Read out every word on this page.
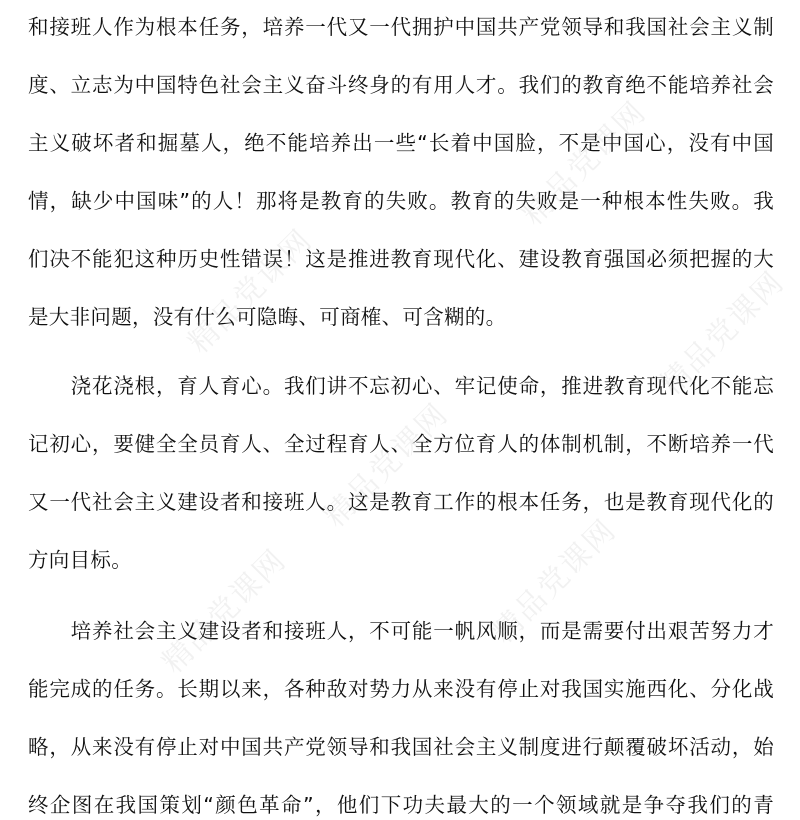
和接班人作为根本任务，培养一代又一代拥护中国共产党领导和我国社会主义制
度、立志为中国特色社会主义奋斗终身的有用人才。我们的教育绝不能培养社会
主义破坏者和掘墓人，绝不能培养出一些“长着中国脸，不是中国心，没有中国
情，缺少中国味”的人！那将是教育的失败。教育的失败是一种根本性失败。我
们决不能犯这种历史性错误！这是推进教育现代化、建设教育强国必须把握的大
是大非问题，没有什么可隐晦、可商榷、可含糊的。
　　浇花浇根，育人育心。我们讲不忘初心、牢记使命，推进教育现代化不能忘
记初心，要健全全员育人、全过程育人、全方位育人的体制机制，不断培养一代
又一代社会主义建设者和接班人。这是教育工作的根本任务，也是教育现代化的
方向目标。
　　培养社会主义建设者和接班人，不可能一帆风顺，而是需要付出艰苦努力才
能完成的任务。长期以来，各种敌对势力从来没有停止对我国实施西化、分化战
略，从来没有停止对中国共产党领导和我国社会主义制度进行颠覆破坏活动，始
终企图在我国策划“颜色革命”，他们下功夫最大的一个领域就是争夺我们的青
精品党课网
精品党课网
精品党课网
精品党课网
精品党课网	精品党课网
